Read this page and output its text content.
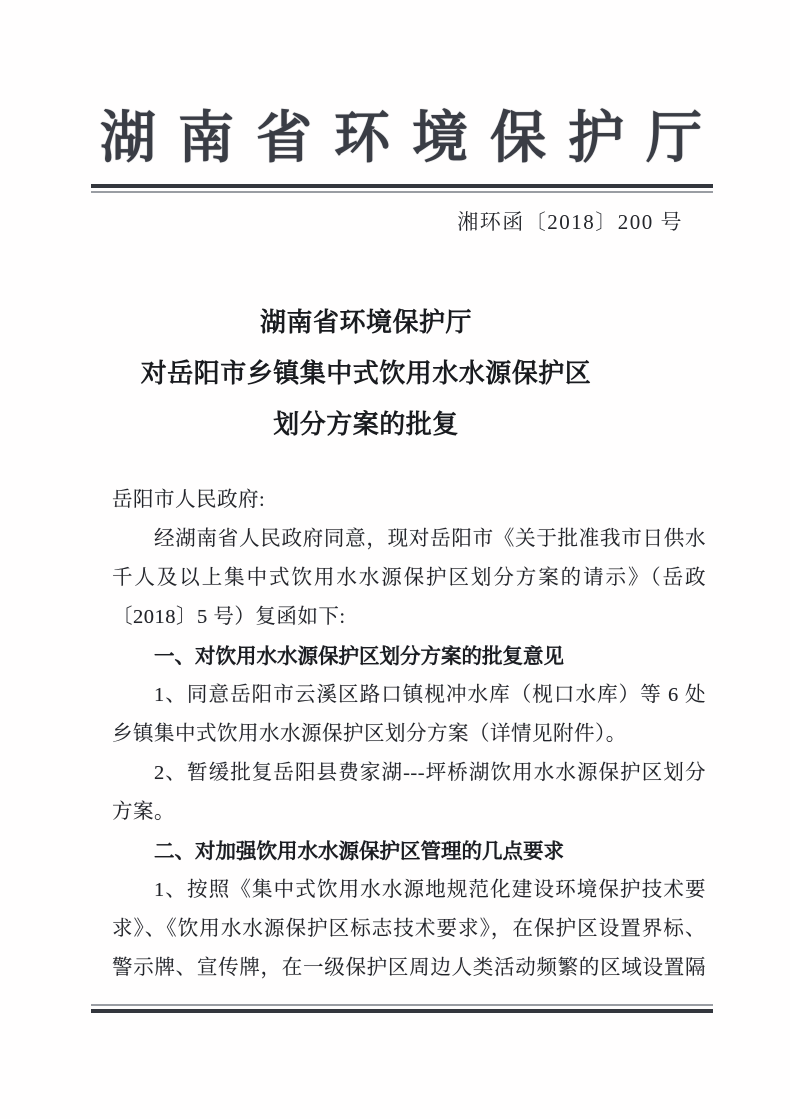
湖南省环境保护厅
湘环函〔2018〕200 号
湖南省环境保护厅
对岳阳市乡镇集中式饮用水水源保护区
划分方案的批复
岳阳市人民政府:
经湖南省人民政府同意，现对岳阳市《关于批准我市日供水
千人及以上集中式饮用水水源保护区划分方案的请示》（岳政
〔2018〕5 号）复函如下:
一、对饮用水水源保护区划分方案的批复意见
1、同意岳阳市云溪区路口镇枧冲水库（枧口水库）等 6 处
乡镇集中式饮用水水源保护区划分方案（详情见附件）。
2、暂缓批复岳阳县费家湖---坪桥湖饮用水水源保护区划分
方案。
二、对加强饮用水水源保护区管理的几点要求
1、按照《集中式饮用水水源地规范化建设环境保护技术要
求》、《饮用水水源保护区标志技术要求》，在保护区设置界标、
警示牌、宣传牌，在一级保护区周边人类活动频繁的区域设置隔
